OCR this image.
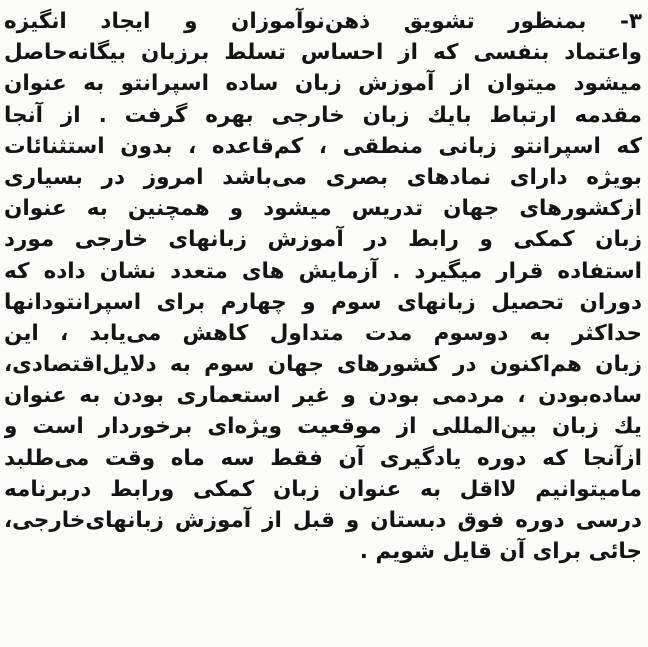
۳- بمنظور تشویق ذهن‌نوآموزان و ایجاد انگیزه
واعتماد بنفسی که از احساس تسلط برزبان بیگانه‌حاصل
میشود میتوان از آموزش زبان ساده اسپرانتو به عنوان
مقدمه ارتباط بایك زبان خارجی بهره گرفت . از آنجا
که اسپرانتو زبانی منطقی ، کم‌قاعده ، بدون استثنائات
بویژه دارای نمادهای بصری می‌باشد امروز در بسیاری
ازکشورهای جهان تدریس میشود و همچنین به عنوان
زبان کمکی و رابط در آموزش زبانهای خارجی مورد
استفاده قرار میگیرد . آزمایش های متعدد نشان داده که
دوران تحصیل زبانهای سوم و چهارم برای اسپرانتودانها
حداکثر به دوسوم مدت متداول کاهش می‌یابد ، این
زبان هم‌اکنون در کشورهای جهان سوم به دلایل‌اقتصادی،
ساده‌بودن ، مردمی بودن و غیر استعماری بودن به عنوان
یك زبان بین‌المللی از موقعیت ویژه‌ای برخوردار است و
ازآنجا که دوره یادگیری آن فقط سه ماه وقت می‌طلبد
مامیتوانیم لااقل به عنوان زبان کمکی ورابط دربرنامه
درسی دوره فوق دبستان و قبل از آموزش زبانهای‌خارجی،
جائی برای آن قایل شویم .
